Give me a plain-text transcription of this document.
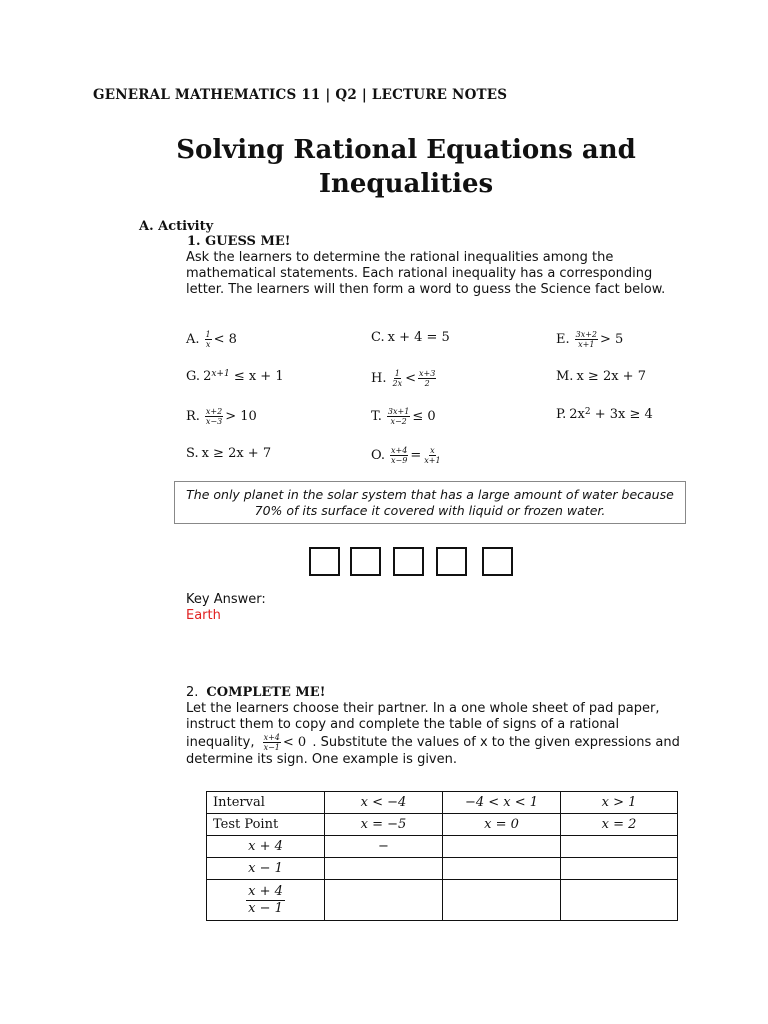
GENERAL MATHEMATICS 11 | Q2 | LECTURE NOTES
Solving Rational Equations and
Inequalities
A. Activity
1. GUESS ME!
Ask the learners to determine the rational inequalities among the mathematical statements. Each rational inequality has a corresponding letter. The learners will then form a word to guess the Science fact below.
A. $\frac{1}{x} < 8$	C. x + 4 = 5	E. $\frac{3x+2}{x+1} > 5$
G. 2 x+1 ≤ x + 1	H. $\frac{1}{2x} < \frac{x+3}{2}$	M. x ≥ 2x + 7
R. $\frac{x+2}{x-3} > 10$	T. $\frac{3x+1}{x-2} \le 0$	P. 2x 2 + 3x ≥ 4
S. x ≥ 2x + 7	O. $\frac{x+4}{x-9} = \frac{x}{x+1}$
The only planet in the solar system that has a large amount of water because 70% of its surface it covered with liquid or frozen water.
Key Answer:
Earth
2. COMPLETE ME!
Let the learners choose their partner. In a one whole sheet of pad paper, instruct them to copy and complete the table of signs of a rational inequality, $\frac{x+4}{x-1} < 0$ . Substitute the values of x to the given expressions and determine its sign. One example is given.
Interval	x < −4	−4 < x < 1	x > 1
Test Point	x = −5	x = 0	x = 2
x + 4	−		
x − 1			

$\frac{x + 4}{x - 1}$
